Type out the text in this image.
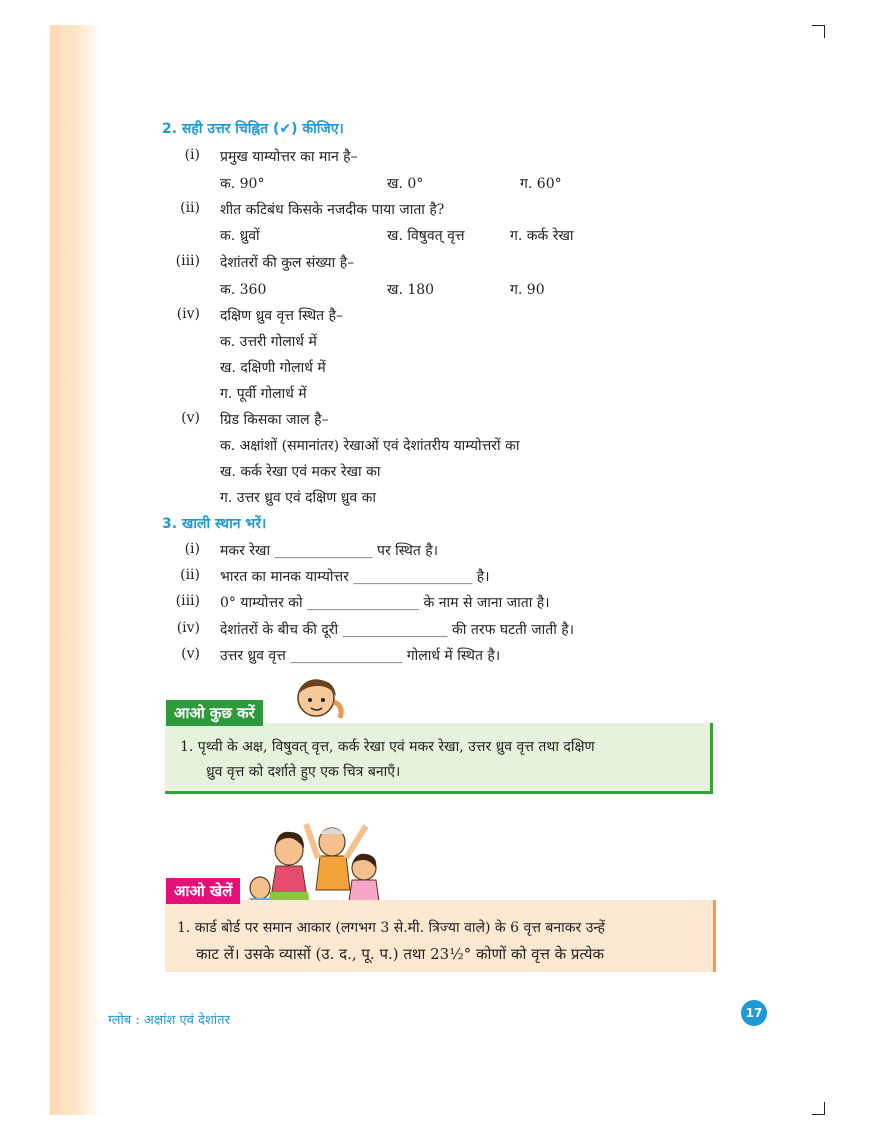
2. सही उत्तर चिह्नित (✔) कीजिए।
(i) प्रमुख याम्योत्तर का मान है–
क. 90°	ख. 0°	ग. 60°
(ii) शीत कटिबंध किसके नजदीक पाया जाता है?
क. ध्रुवों	ख. विषुवत् वृत्त	ग. कर्क रेखा
(iii) देशांतरों की कुल संख्या है–
क. 360	ख. 180	ग. 90
(iv) दक्षिण ध्रुव वृत्त स्थित है–
क. उत्तरी गोलार्ध में
ख. दक्षिणी गोलार्ध में
ग. पूर्वी गोलार्ध में
(v) ग्रिड किसका जाल है–
क. अक्षांशों (समानांतर) रेखाओं एवं देशांतरीय याम्योत्तरों का
ख. कर्क रेखा एवं मकर रेखा का
ग. उत्तर ध्रुव एवं दक्षिण ध्रुव का
3. खाली स्थान भरें।
(i) मकर रेखा ______________ पर स्थित है।
(ii) भारत का मानक याम्योत्तर _________________ है।
(iii) 0° याम्योत्तर को ________________ के नाम से जाना जाता है।
(iv) देशांतरों के बीच की दूरी _______________ की तरफ घटती जाती है।
(v) उत्तर ध्रुव वृत्त ________________ गोलार्ध में स्थित है।
आओ कुछ करें
1. पृथ्वी के अक्ष, विषुवत् वृत्त, कर्क रेखा एवं मकर रेखा, उत्तर ध्रुव वृत्त तथा दक्षिण
ध्रुव वृत्त को दर्शाते हुए एक चित्र बनाएँ।
आओ खेलें
1. कार्ड बोर्ड पर समान आकार (लगभग 3 से.मी. त्रिज्या वाले) के 6 वृत्त बनाकर उन्हें
काट लें। उसके व्यासों (उ. द., पू. प.) तथा 23½° कोणों को वृत्त के प्रत्येक
ग्लोब : अक्षांश एवं देशांतर	17
